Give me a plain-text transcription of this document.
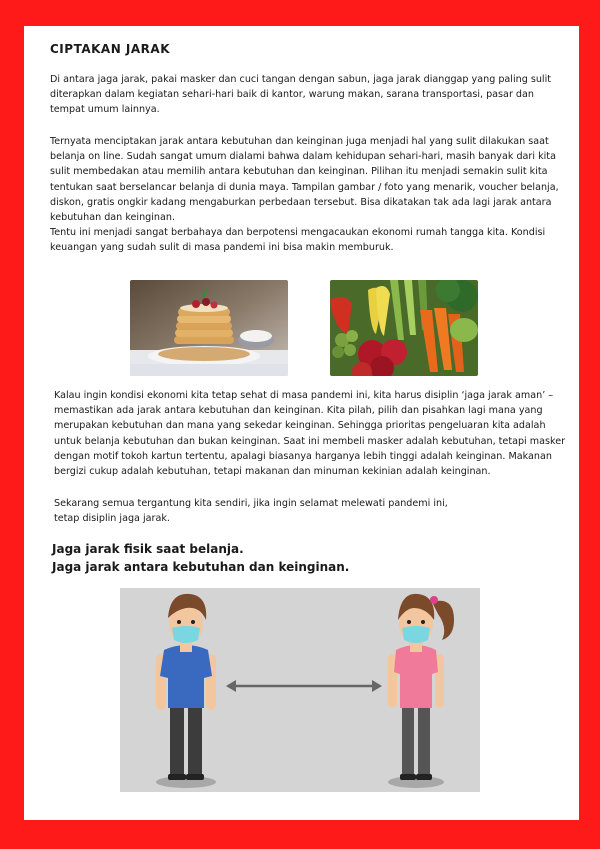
CIPTAKAN JARAK

Di antara jaga jarak, pakai masker dan cuci tangan dengan sabun, jaga jarak dianggap yang paling sulit diterapkan dalam kegiatan sehari-hari baik di kantor, warung makan, sarana transportasi, pasar dan tempat umum lainnya.

Ternyata menciptakan jarak antara kebutuhan dan keinginan juga menjadi hal yang sulit dilakukan saat belanja on line. Sudah sangat umum dialami bahwa dalam kehidupan sehari-hari, masih banyak dari kita sulit membedakan atau memilih antara kebutuhan dan keinginan. Pilihan itu menjadi semakin sulit kita tentukan saat berselancar belanja di dunia maya. Tampilan gambar / foto yang menarik, voucher belanja, diskon, gratis ongkir kadang mengaburkan perbedaan tersebut. Bisa dikatakan tak ada lagi jarak antara kebutuhan dan keinginan.
Tentu ini menjadi sangat berbahaya dan berpotensi mengacaukan ekonomi rumah tangga kita. Kondisi keuangan yang sudah sulit di masa pandemi ini bisa makin memburuk.

Kalau ingin kondisi ekonomi kita tetap sehat di masa pandemi ini, kita harus disiplin ‘jaga jarak aman’ – memastikan ada jarak antara kebutuhan dan keinginan. Kita pilah, pilih dan pisahkan lagi mana yang merupakan kebutuhan dan mana yang sekedar keinginan. Sehingga prioritas pengeluaran kita adalah untuk belanja kebutuhan dan bukan keinginan. Saat ini membeli masker adalah kebutuhan, tetapi masker dengan motif tokoh kartun tertentu, apalagi biasanya harganya lebih tinggi adalah keinginan. Makanan bergizi cukup adalah kebutuhan, tetapi makanan dan minuman kekinian adalah keinginan.

Sekarang semua tergantung kita sendiri, jika ingin selamat melewati pandemi ini,
tetap disiplin jaga jarak.
Jaga jarak fisik saat belanja.
Jaga jarak antara kebutuhan dan keinginan.
